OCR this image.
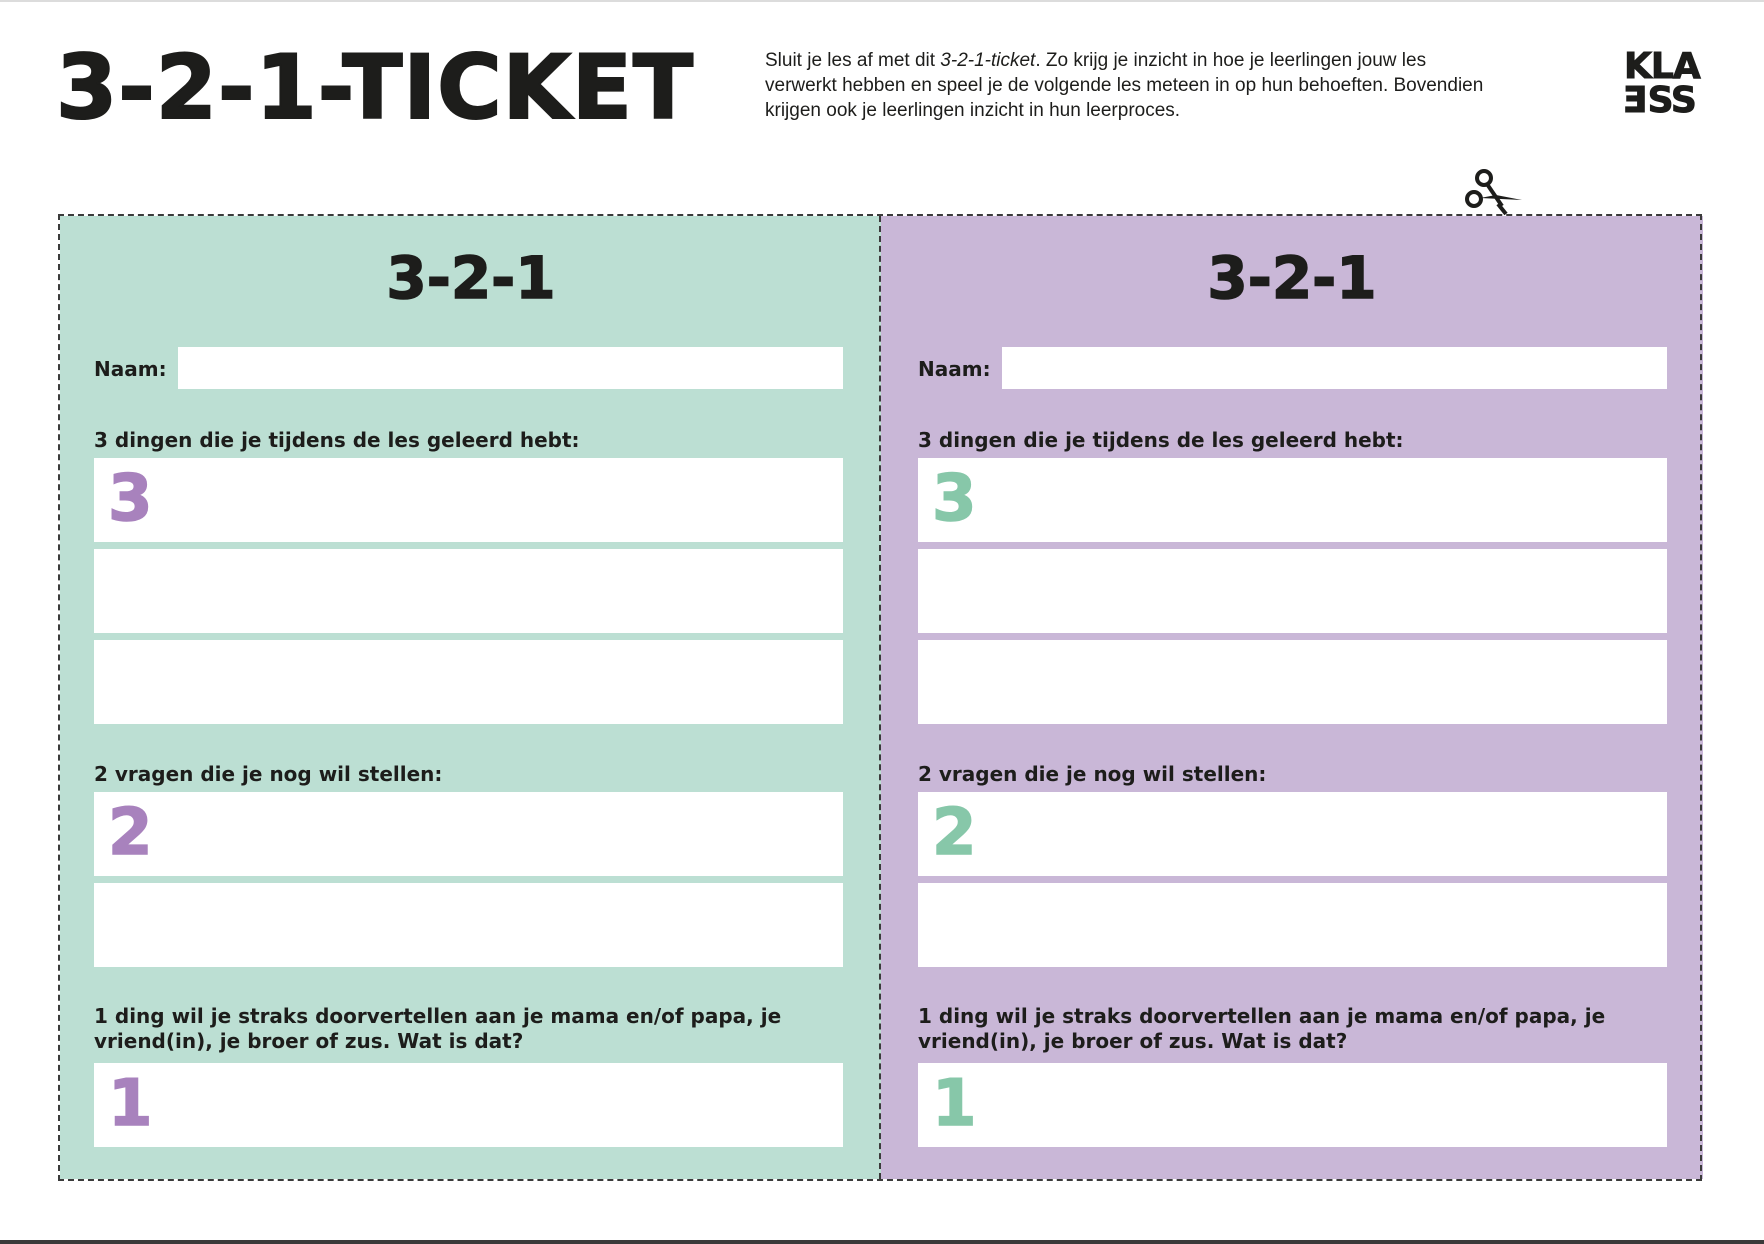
3-2-1-TICKET	Sluit je les af met dit 3-2-1-ticket. Zo krijg je inzicht in hoe je leerlingen jouw les verwerkt hebben en speel je de volgende les meteen in op hun behoeften. Bovendien krijgen ook je leerlingen inzicht in hun leerproces.
KLA
ESS
3-2-1
Naam:
3 dingen die je tijdens de les geleerd hebt:
3
2 vragen die je nog wil stellen:
2
1 ding wil je straks doorvertellen aan je mama en/of papa, je vriend(in), je broer of zus. Wat is dat?
1
3-2-1
Naam:
3 dingen die je tijdens de les geleerd hebt:
3
2 vragen die je nog wil stellen:
2
1 ding wil je straks doorvertellen aan je mama en/of papa, je vriend(in), je broer of zus. Wat is dat?
1
